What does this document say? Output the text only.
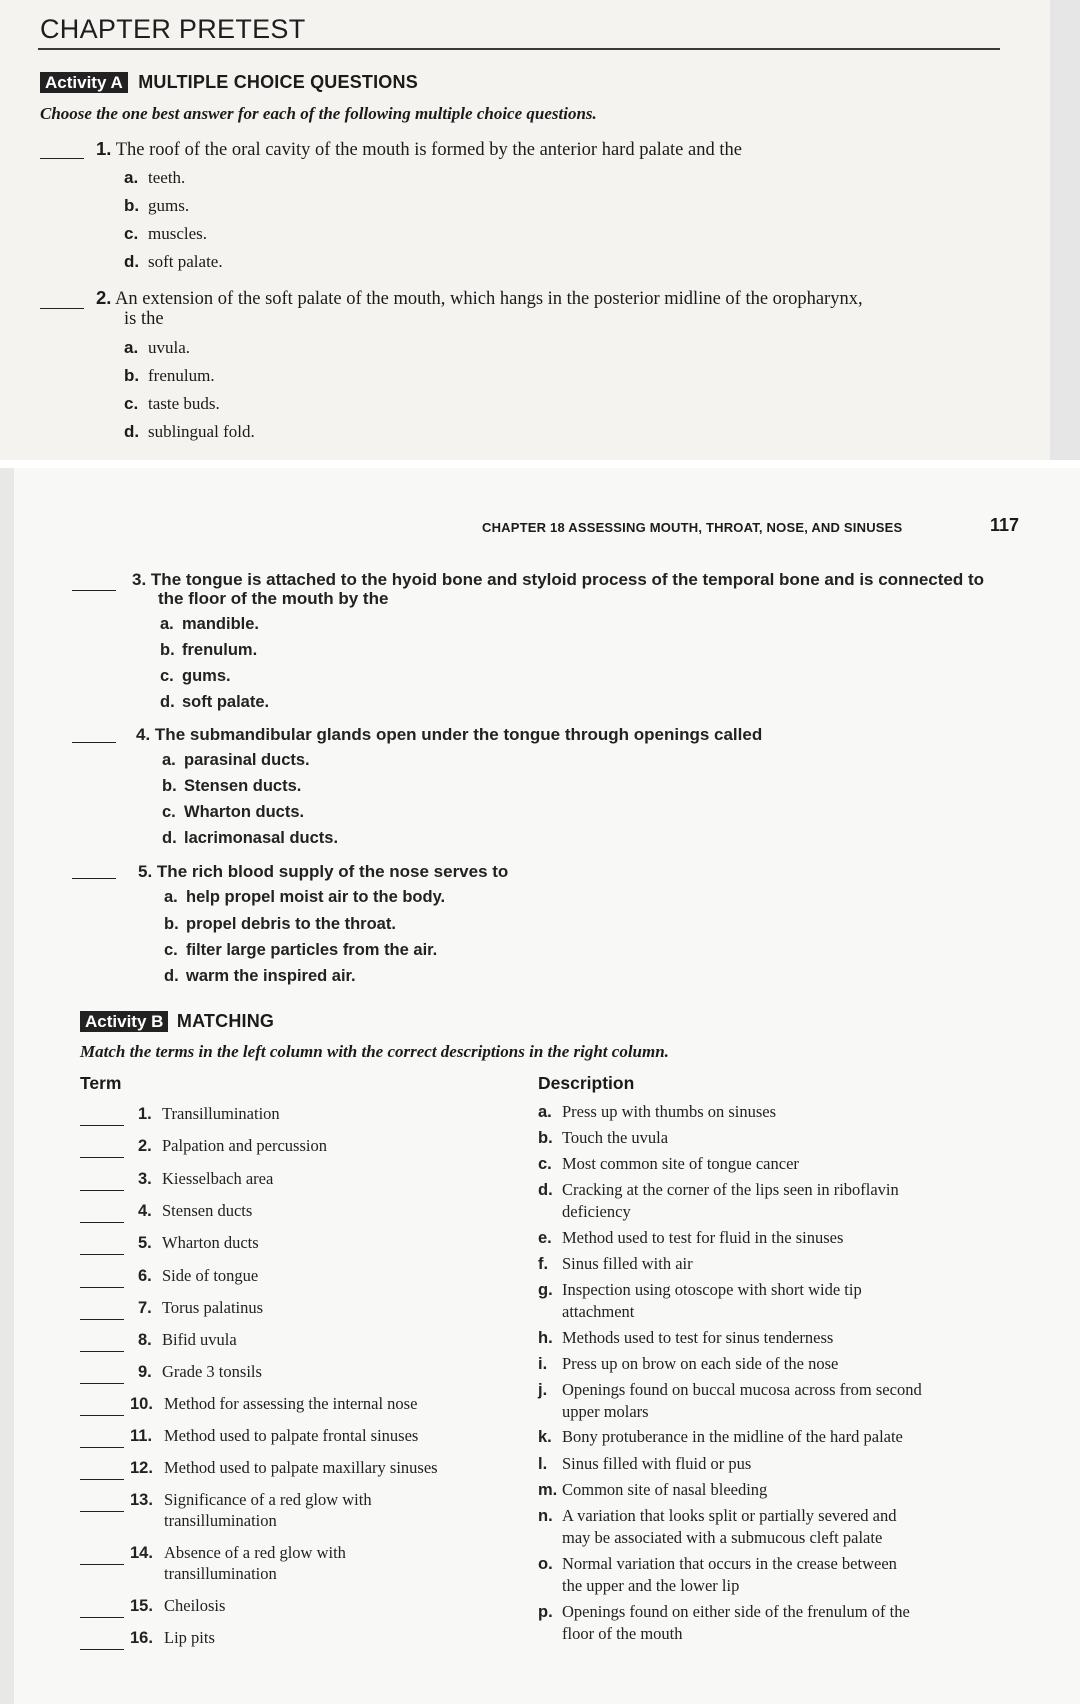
CHAPTER PRETEST
Activity A MULTIPLE CHOICE QUESTIONS
Choose the one best answer for each of the following multiple choice questions.
1. The roof of the oral cavity of the mouth is formed by the anterior hard palate and the
a. teeth.
b. gums.
c. muscles.
d. soft palate.
2. An extension of the soft palate of the mouth, which hangs in the posterior midline of the oropharynx,
is the
a. uvula.
b. frenulum.
c. taste buds.
d. sublingual fold.
CHAPTER 18 ASSESSING MOUTH, THROAT, NOSE, AND SINUSES	117
3. The tongue is attached to the hyoid bone and styloid process of the temporal bone and is connected to
the floor of the mouth by the
a. mandible.
b. frenulum.
c. gums.
d. soft palate.
4. The submandibular glands open under the tongue through openings called
a. parasinal ducts.
b. Stensen ducts.
c. Wharton ducts.
d. lacrimonasal ducts.
5. The rich blood supply of the nose serves to
a. help propel moist air to the body.
b. propel debris to the throat.
c. filter large particles from the air.
d. warm the inspired air.
Activity B MATCHING
Match the terms in the left column with the correct descriptions in the right column.
Term	Description
1. Transillumination
2. Palpation and percussion
3. Kiesselbach area
4. Stensen ducts
5. Wharton ducts
6. Side of tongue
7. Torus palatinus
8. Bifid uvula
9. Grade 3 tonsils
10. Method for assessing the internal nose
11. Method used to palpate frontal sinuses
12. Method used to palpate maxillary sinuses
13. Significance of a red glow with
transillumination
14. Absence of a red glow with
transillumination
15. Cheilosis
16. Lip pits
a. Press up with thumbs on sinuses
b. Touch the uvula
c. Most common site of tongue cancer
d. Cracking at the corner of the lips seen in riboflavin
deficiency
e. Method used to test for fluid in the sinuses
f. Sinus filled with air
g. Inspection using otoscope with short wide tip
attachment
h. Methods used to test for sinus tenderness
i. Press up on brow on each side of the nose
j. Openings found on buccal mucosa across from second
upper molars
k. Bony protuberance in the midline of the hard palate
l. Sinus filled with fluid or pus
m. Common site of nasal bleeding
n. A variation that looks split or partially severed and
may be associated with a submucous cleft palate
o. Normal variation that occurs in the crease between
the upper and the lower lip
p. Openings found on either side of the frenulum of the
floor of the mouth
